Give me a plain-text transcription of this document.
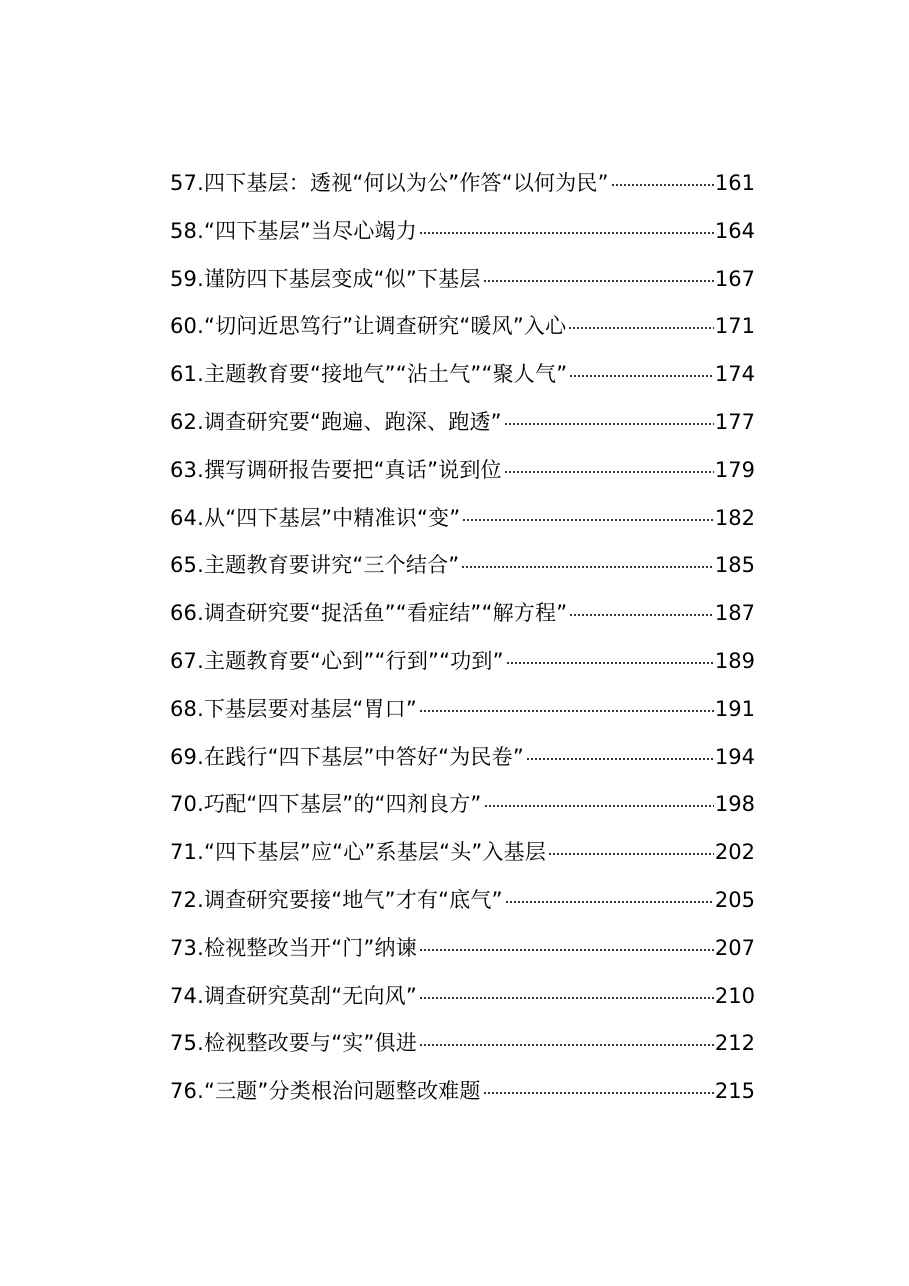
57.四下基层：透视“何以为公”作答“以何为民”	161
58.“四下基层”当尽心竭力	164
59.谨防四下基层变成“似”下基层	167
60.“切问近思笃行”让调查研究“暖风”入心	171
61.主题教育要“接地气”“沾土气”“聚人气”	174
62.调查研究要“跑遍、跑深、跑透”	177
63.撰写调研报告要把“真话”说到位	179
64.从“四下基层”中精准识“变”	182
65.主题教育要讲究“三个结合”	185
66.调查研究要“捉活鱼”“看症结”“解方程”	187
67.主题教育要“心到”“行到”“功到”	189
68.下基层要对基层“胃口”	191
69.在践行“四下基层”中答好“为民卷”	194
70.巧配“四下基层”的“四剂良方”	198
71.“四下基层”应“心”系基层“头”入基层	202
72.调查研究要接“地气”才有“底气”	205
73.检视整改当开“门”纳谏	207
74.调查研究莫刮“无向风”	210
75.检视整改要与“实”俱进	212
76.“三题”分类根治问题整改难题	215
